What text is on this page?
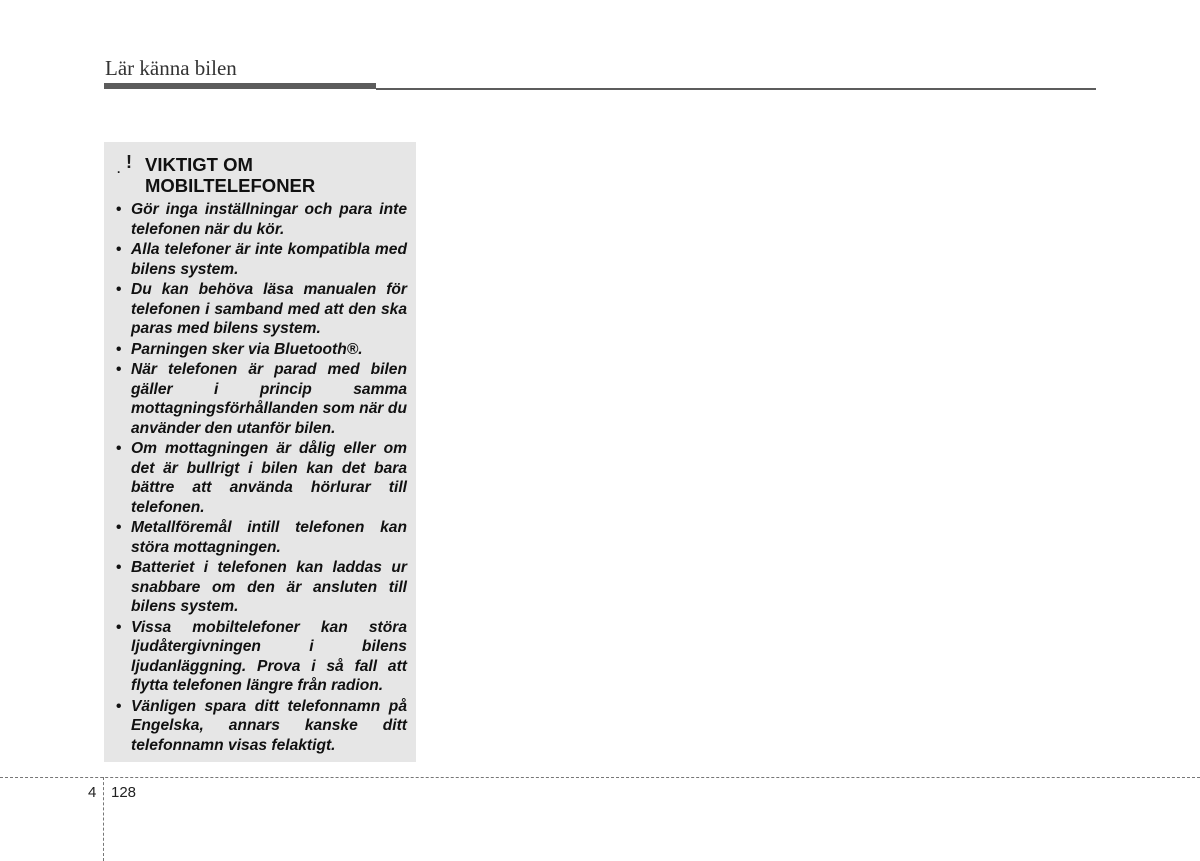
Lär känna bilen
. ! VIKTIGT OM MOBILTELEFONER
• Gör inga inställningar och para inte telefonen när du kör.
• Alla telefoner är inte kompatibla med bilens system.
• Du kan behöva läsa manualen för telefonen i samband med att den ska paras med bilens system.
• Parningen sker via Bluetooth®.
• När telefonen är parad med bilen gäller i princip samma mottagningsförhållanden som när du använder den utanför bilen.
• Om mottagningen är dålig eller om det är bullrigt i bilen kan det bara bättre att använda hörlurar till telefonen.
• Metallföremål intill telefonen kan störa mottagningen.
• Batteriet i telefonen kan laddas ur snabbare om den är ansluten till bilens system.
• Vissa mobiltelefoner kan störa ljudåtergivningen i bilens ljudanläggning. Prova i så fall att flytta telefonen längre från radion.
• Vänligen spara ditt telefonnamn på Engelska, annars kanske ditt telefonnamn visas felaktigt.
4 128
